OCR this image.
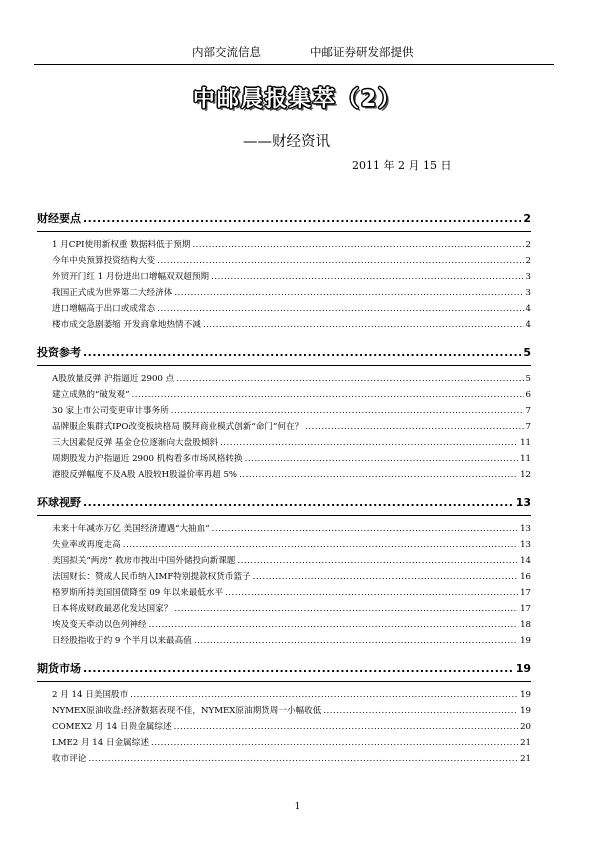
内部交流信息	中邮证券研发部提供
中邮晨报集萃（2）
——财经资讯
2011 年 2 月 15 日
财经要点 .....	2
1 月CPI使用新权重 数据料低于预期 .....	2
今年中央预算投资结构大变 .....	2
外贸开门红 1 月份进出口增幅双双超预期 .....	3
我国正式成为世界第二大经济体 .....	3
进口增幅高于出口或成常态 .....	4
楼市成交急剧萎缩 开发商拿地热情不减 .....	4
投资参考 .....	5
A股放量反弹 沪指逼近 2900 点 .....	5
建立成熟的“破发观” .....	6
30 家上市公司变更审计事务所 .....	7
品牌服企集群式IPO改变板块格局 膜拜商业模式创新“命门”何在？ .....	7
三大因素促反弹 基金仓位逐渐向大盘股倾斜 .....	11
周期股发力沪指逼近 2900 机构看多市场风格转换 .....	11
港股反弹幅度不及A股 A股较H股溢价率再超 5% .....	12
环球视野 .....	13
未来十年减赤万亿 美国经济遭遇“大抽血” .....	13
失业率或再度走高 .....	13
美国拟关“两房” 救房市拽出中国外储投向新课题 .....	14
法国财长：赞成人民币纳入IMF特别提款权货币篮子 .....	16
格罗斯所持美国国债降至 09 年以来最低水平 .....	17
日本将成财政最恶化发达国家？ .....	17
埃及变天牵动以色列神经 .....	18
日经股指收于约 9 个半月以来最高值 .....	19
期货市场 .....	19
2 月 14 日美国股市 .....	19
NYMEX原油收盘:经济数据表现不佳，NYMEX原油期货周一小幅收低 .....	19
COMEX2 月 14 日贵金属综述 .....	20
LME2 月 14 日金属综述 .....	21
收市评论 .....	21
1
